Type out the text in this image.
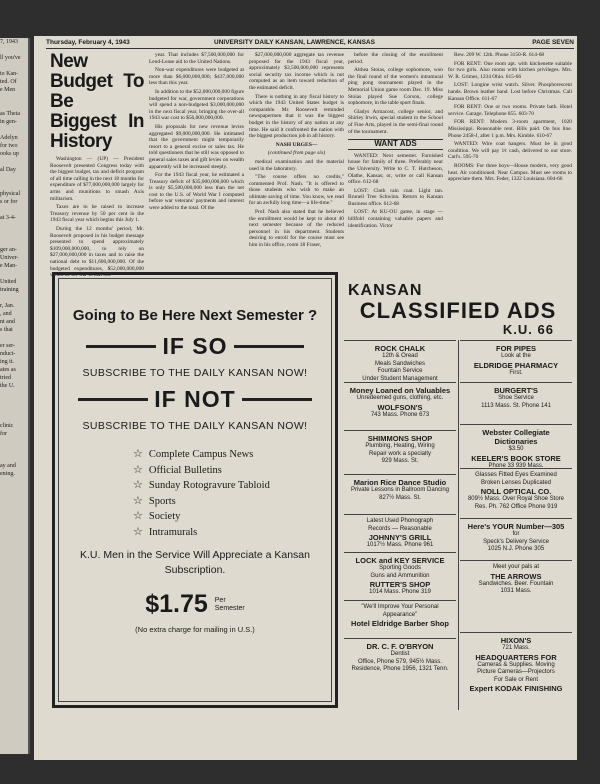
7, 1943

ll you've

to Kan-
ted. Of
e Men

as Theta
in gen-

Adelyn
for two
ooks up

al Day

physical
s or for

at 3-4-

ger an-
Univer-
e Man-

United
training

r, Jan.
, and
nt and
s that

er ser-
nduct-
ing it.
ates as
tried
the U.

clinic
for

ay and
ening.
Thursday, February 4, 1943	UNIVERSITY DAILY KANSAN, LAWRENCE, KANSAS	PAGE SEVEN
New Budget To Be Biggest In History

Washington — (UP) — President Roosevelt presented Congress today with the biggest budget, tax and deficit program of all time calling in the next 18 months for expenditure of $77,000,000,000 largely for arms and munitions to smash Axis militarism.

Taxes are to be raised to increase Treasury revenue by 50 per cent in the 1943 fiscal year which begins this July 1.

During the 12 months' period, Mr. Roosevelt proposed in his budget message presented to spend approximately $109,000,000,000, to rely on $27,000,000,000 in taxes and to raise the national debt to $11,600,000,000. Of the budgeted expenditures, $52,000,000,000 would be for war in that one

year. That includes $7,500,000,000 for Lend-Lease aid to the United Nations.

Non-war expenditures were budgeted at more than $6,000,000,000; $437,000,000 less than this year.

In addition to the $52,000,000,000 figure budgeted for war, government corporations will spend a non-budgeted $3,000,000,000 in the next fiscal year, bringing the over-all 1943 war cost to $56,000,000,000.

His proposals for new revenue levies aggregated $9,000,000,000. He intimated that the government might temporarily resort to a general excise or sales tax. He told questioners that he still was opposed to general sales taxes and gift levies on wealth apparently will be increased steeply.

For the 1943 fiscal year, he estimated a Treasury deficit of $35,000,000,000 which is only $5,500,000,000 less than the net cost to the U.S. of World War I computed before war veterans' payments and interest were added to the total. Of the

$27,000,000,000 aggregate tax revenue proposed for the 1943 fiscal year, approximately $3,500,000,000 represents social security tax income which is not computed as an item toward reduction of the estimated deficit.

There is nothing in any fiscal history to which the 1943 United States budget is comparable. Mr. Roosevelt reminded newspapermen that it was the biggest budget in the history of any nation at any time. He said it confronted the nation with the biggest production job in all history.

NASH URGES—
(continued from page six)

medical examination and the material used in the laboratory.

"The course offers no credits," commented Prof. Nash. "It is offered to those students who wish to make an ultimate saving of time. You know, we read for an awfully long time—a life-time."

Prof. Nash also stated that he believed the enrollment would be kept to about 40 next semester because of the reduced personnel in his department. Students desiring to enroll for the course must see him in his office, room 18 Fraser,

before the closing of the enrollment period.

Althea Stoias, college sophomore, won the final round of the women's intramural ping pong tournament played in the Memorial Union game room Dec. 19. Miss Stoias played Sue Corson, college sophomore, in the table sport finals.

Gladys Armacost, college senior, and Shirley Irwin, special student in the School of Fine Arts, played in the semi-final round of the tournament.

WANT ADS

WANTED: Next semester. Furnished house for family of three. Preferably near the University. Write to C. T. Hutcheson, Olathe, Kansas; or, write or call Kansan office. 612-68

LOST: Cloth rain coat. Light tan. Brunell Tree Schwinn. Return to Kansan Business office. 612-68

LOST: At KU-OU game, in stage —billfold containing valuable papers and identification. Victor

Rew. 209 W. 12th. Phone 3150-R. 614-68

FOR RENT: One room apt. with kitchenette suitable for two girls. Also rooms with kitchen privileges. Mrs. W. R. Grimes, 1234 Ohio. 615-66

LOST: Longine wrist watch. Silver. Phosphorescent hands. Brown leather band. Lost before Christmas. Call Kansan Office. 611-67

FOR RENT: One or two rooms. Private bath. Hotel service. Garage. Telephone 855. 603-70

FOR RENT: Modern 3-room apartment, 1020 Mississippi. Reasonable rent. Bills paid. On bus line. Phone 2458-J, after 1 p.m. Mrs. Kimble. 610-67

WANTED: Wire coat hangers. Must be in good condition. We will pay 1¢ cash, delivered to our store. Carl's. 595-70

ROOMS: For three boys—House modern, very good heat. Air conditioned. Near Campus. Must see rooms to appreciate them. Mrs. Feder, 1322 Louisiana. 604-66

Going to Be Here Next Semester ?
IF SO
SUBSCRIBE TO THE DAILY KANSAN NOW!
IF NOT
SUBSCRIBE TO THE DAILY KANSAN NOW!
☆ Complete Campus News
☆ Official Bulletins
☆ Sunday Rotogravure Tabloid
☆ Sports
☆ Society
☆ Intramurals
K.U. Men in the Service Will Appreciate a Kansan Subscription.
$1.75 Per
Semester
(No extra charge for mailing in U.S.)
KANSAN
CLASSIFIED ADS
K.U. 66
ROCK CHALK
12th & Oread
Meals Sandwiches
Fountain Service
Under Student Management
Money Loaned on Valuables
Unredeemed guns, clothing, etc.
WOLFSON'S
743 Mass. Phone 673
SHIMMONS SHOP
Plumbing, Heating, Wiring
Repair work a specialty
929 Mass. St.
Marion Rice Dance Studio
Private Lessons in Ballroom Dancing
827½ Mass. St.
Latest Used Phonograph
Records — Reasonable
JOHNNY'S GRILL
1017½ Mass. Phone 961
LOCK and KEY SERVICE
Sporting Goods
Guns and Ammunition
RUTTER'S SHOP
1014 Mass. Phone 319
"We'll Improve Your Personal
Appearance"
Hotel Eldridge Barber Shop
DR. C. F. O'BRYON
Dentist
Office, Phone 579, 945½ Mass.
Residence, Phone 1956, 1321 Tenn.
FOR PIPES
Look at the
ELDRIDGE PHARMACY
First.
BURGERT'S
Shoe Service
1113 Mass. St. Phone 141
Webster Collegiate Dictionaries
$3.50
KEELER'S BOOK STORE
Phone 33 939 Mass.
Glasses Fitted Eyes Examined
Broken Lenses Duplicated
NOLL OPTICAL CO.
809½ Mass. Over Royal Shoe Store
Res. Ph. 762 Office Phone 919
Here's YOUR Number—305
for
Speck's Delivery Service
1025 N.J. Phone 305
Meet your pals at
THE ARROWS
Sandwiches. Beer. Fountain
1031 Mass.
HIXON'S
721 Mass.
HEADQUARTERS FOR
Cameras & Supplies. Moving
Picture Cameras—Projectors
For Sale or Rent
Expert KODAK FINISHING
